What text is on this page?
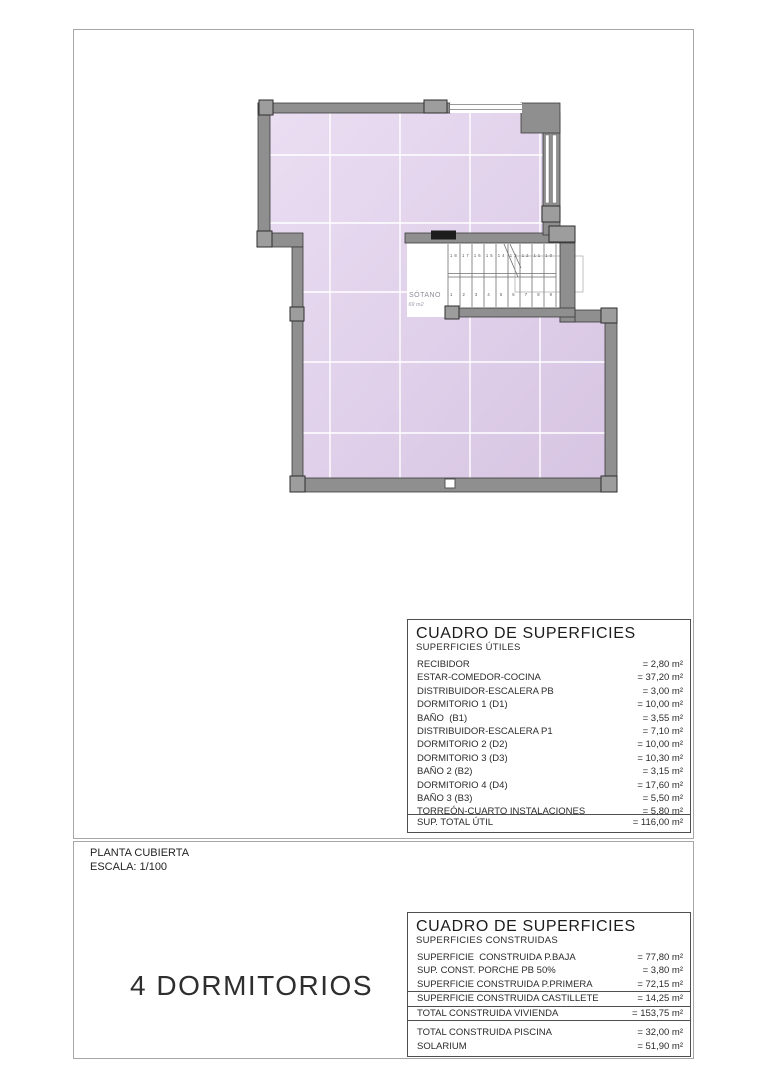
18 17 16 15 14 13 12 11 10
1 2 3 4 5 6 7 8 9
SÓTANO
69 m2
CUADRO DE SUPERFICIES
SUPERFICIES ÚTILES
RECIBIDOR	= 2,80 m²
ESTAR-COMEDOR-COCINA	= 37,20 m²
DISTRIBUIDOR-ESCALERA PB	= 3,00 m²
DORMITORIO 1 (D1)	= 10,00 m²
BAÑO  (B1)	= 3,55 m²
DISTRIBUIDOR-ESCALERA P1	= 7,10 m²
DORMITORIO 2 (D2)	= 10,00 m²
DORMITORIO 3 (D3)	= 10,30 m²
BAÑO 2 (B2)	= 3,15 m²
DORMITORIO 4 (D4)	= 17,60 m²
BAÑO 3 (B3)	= 5,50 m²
TORREÓN-CUARTO INSTALACIONES	= 5,80 m²
SUP. TOTAL ÚTIL	= 116,00 m²
CUADRO DE SUPERFICIES
SUPERFICIES CONSTRUIDAS
SUPERFICIE  CONSTRUIDA P.BAJA	= 77,80 m²
SUP. CONST. PORCHE PB 50%	= 3,80 m²
SUPERFICIE CONSTRUIDA P.PRIMERA	= 72,15 m²
SUPERFICIE CONSTRUIDA CASTILLETE	= 14,25 m²
TOTAL CONSTRUIDA VIVIENDA	= 153,75 m²
TOTAL CONSTRUIDA PISCINA	= 32,00 m²
SOLARIUM	= 51,90 m²
PLANTA CUBIERTA
ESCALA: 1/100
4 DORMITORIOS
